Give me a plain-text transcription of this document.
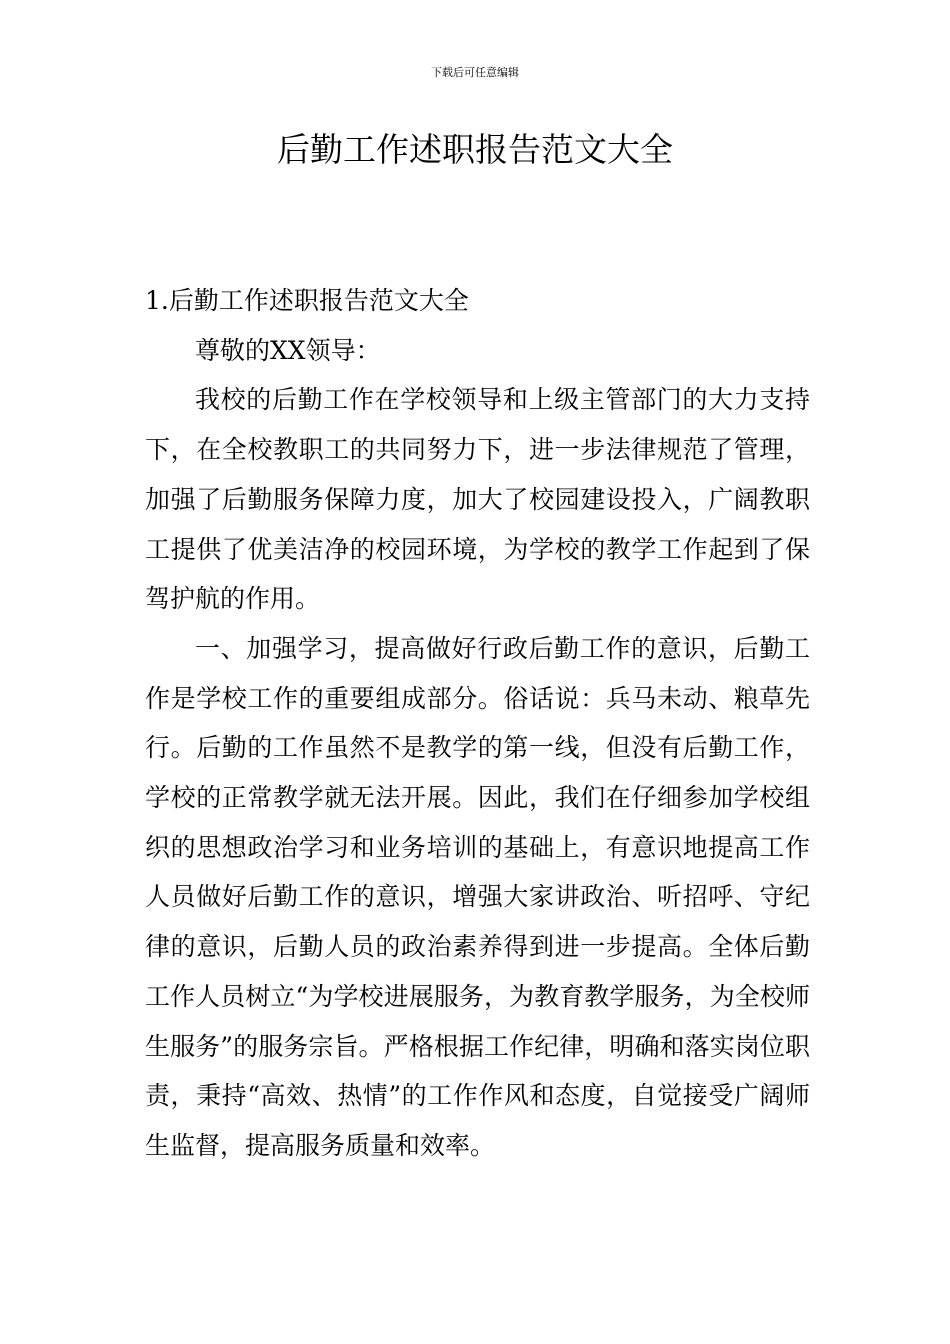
下载后可任意编辑
后勤工作述职报告范文大全

1.后勤工作述职报告范文大全

尊敬的XX领导：

我校的后勤工作在学校领导和上级主管部门的大力支持下，在全校教职工的共同努力下，进一步法律规范了管理，加强了后勤服务保障力度，加大了校园建设投入，广阔教职工提供了优美洁净的校园环境，为学校的教学工作起到了保驾护航的作用。

一、加强学习，提高做好行政后勤工作的意识，后勤工作是学校工作的重要组成部分。俗话说：兵马未动、粮草先行。后勤的工作虽然不是教学的第一线，但没有后勤工作，学校的正常教学就无法开展。因此，我们在仔细参加学校组织的思想政治学习和业务培训的基础上，有意识地提高工作人员做好后勤工作的意识，增强大家讲政治、听招呼、守纪律的意识，后勤人员的政治素养得到进一步提高。全体后勤工作人员树立“为学校进展服务，为教育教学服务，为全校师生服务”的服务宗旨。严格根据工作纪律，明确和落实岗位职责，秉持“高效、热情”的工作作风和态度，自觉接受广阔师生监督，提高服务质量和效率。
